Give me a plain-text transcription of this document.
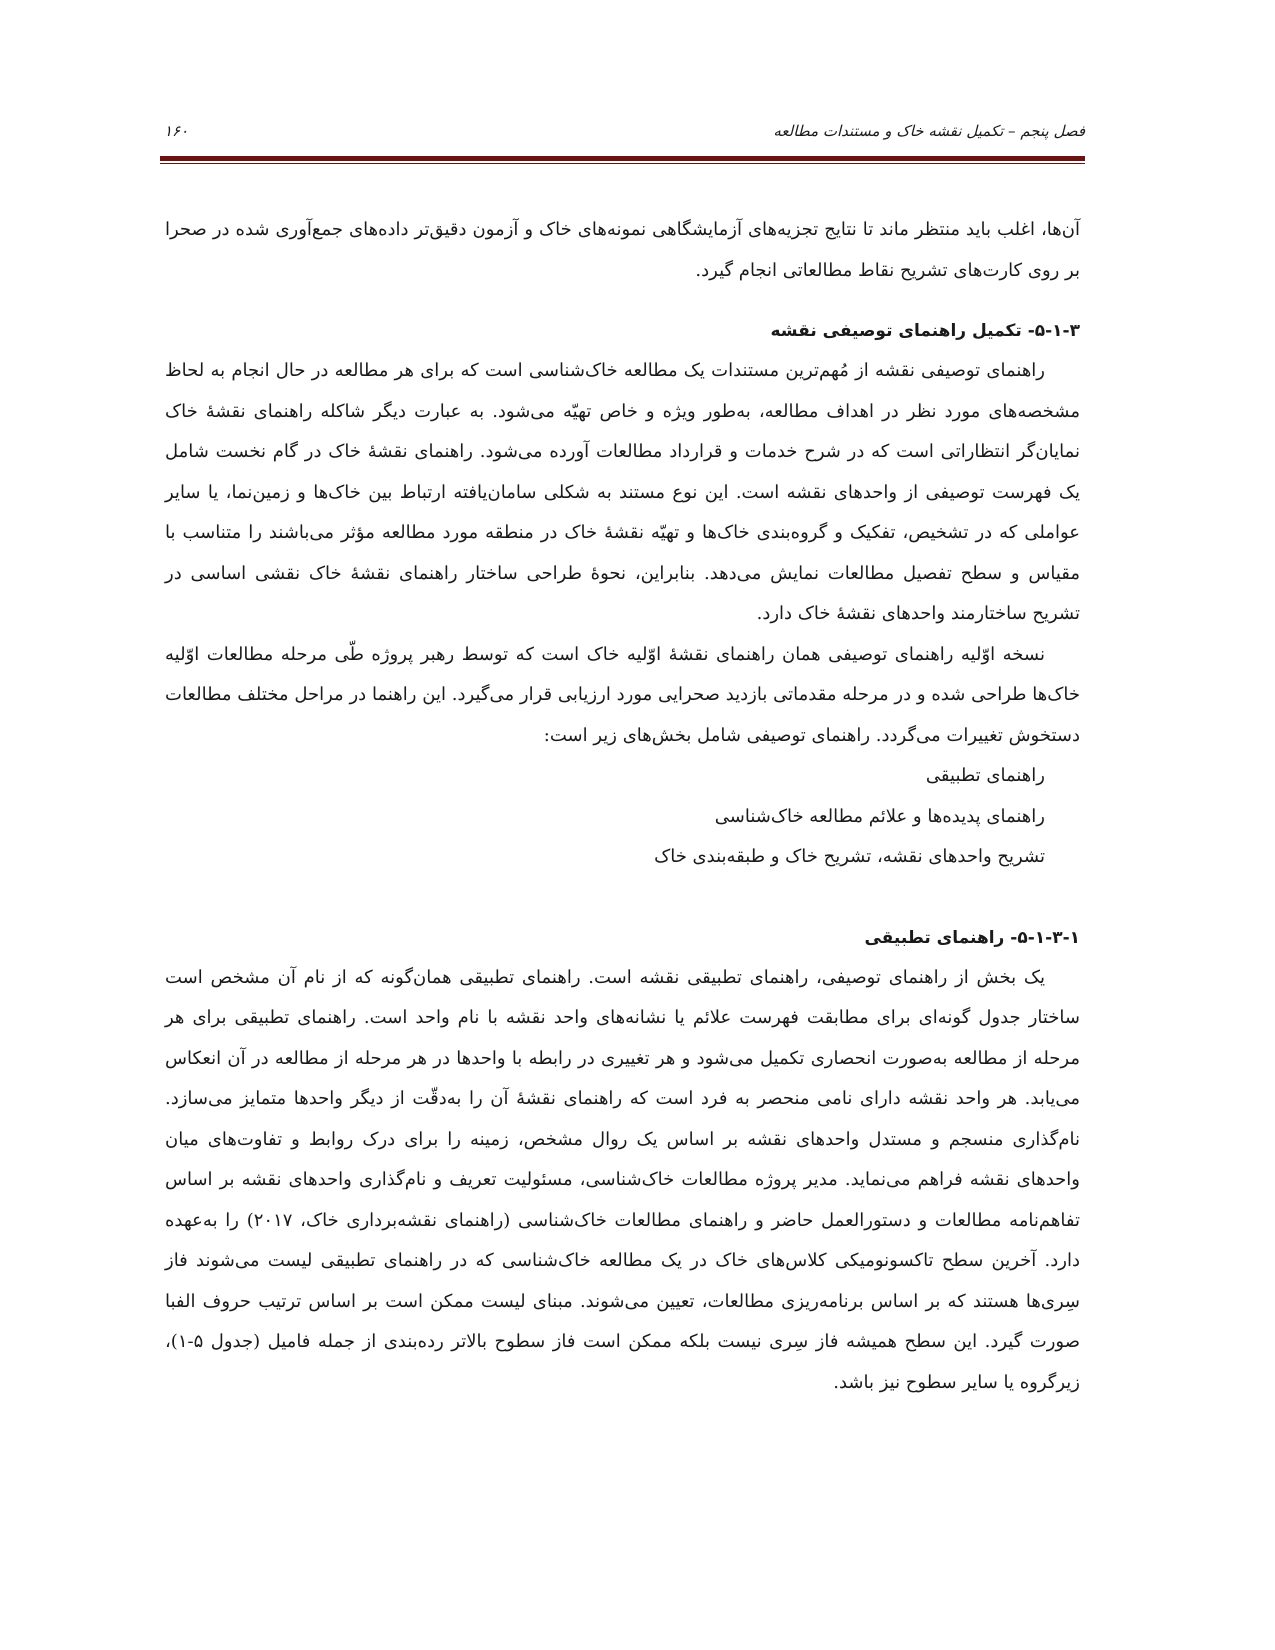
فصل پنجم – تکمیل نقشه خاک و مستندات مطالعه
۱۶۰

آن‌ها، اغلب باید منتظر ماند تا نتایج تجزیه‌های آزمایشگاهی نمونه‌های خاک و آزمون دقیق‌تر داده‌های جمع‌آوری شده در صحرا بر روی کارت‌های تشریح نقاط مطالعاتی انجام گیرد.

۵-۱-۳- تکمیل راهنمای توصیفی نقشه

راهنمای توصیفی نقشه از مُهم‌ترین مستندات یک مطالعه خاک‌شناسی است که برای هر مطالعه در حال انجام به لحاظ مشخصه‌های مورد نظر در اهداف مطالعه، به‌طور ویژه و خاص تهیّه می‌شود. به عبارت دیگر شاکله راهنمای نقشهٔ خاک نمایان‌گر انتظاراتی است که در شرح خدمات و قرارداد مطالعات آورده می‌شود. راهنمای نقشهٔ خاک در گام نخست شامل یک فهرست توصیفی از واحدهای نقشه است. این نوع مستند به شکلی سامان‌یافته ارتباط بین خاک‌ها و زمین‌نما، یا سایر عواملی که در تشخیص، تفکیک و گروه‌بندی خاک‌ها و تهیّه نقشهٔ خاک در منطقه مورد مطالعه مؤثر می‌باشند را متناسب با مقیاس و سطح تفصیل مطالعات نمایش می‌دهد. بنابراین، نحوهٔ طراحی ساختار راهنمای نقشهٔ خاک نقشی اساسی در تشریح ساختارمند واحدهای نقشهٔ خاک دارد.

نسخه اوّلیه راهنمای توصیفی همان راهنمای نقشهٔ اوّلیه خاک است که توسط رهبر پروژه طّی مرحله مطالعات اوّلیه خاک‌ها طراحی شده و در مرحله مقدماتی بازدید صحرایی مورد ارزیابی قرار می‌گیرد. این راهنما در مراحل مختلف مطالعات دستخوش تغییرات می‌گردد. راهنمای توصیفی شامل بخش‌های زیر است:

راهنمای تطبیقی
راهنمای پدیده‌ها و علائم مطالعه خاک‌شناسی
تشریح واحدهای نقشه، تشریح خاک و طبقه‌بندی خاک
۵-۱-۳-۱- راهنمای تطبیقی

یک بخش از راهنمای توصیفی، راهنمای تطبیقی نقشه است. راهنمای تطبیقی همان‌گونه که از نام آن مشخص است ساختار جدول گونه‌ای برای مطابقت فهرست علائم یا نشانه‌های واحد نقشه با نام واحد است. راهنمای تطبیقی برای هر مرحله از مطالعه به‌صورت انحصاری تکمیل می‌شود و هر تغییری در رابطه با واحدها در هر مرحله از مطالعه در آن انعکاس می‌یابد. هر واحد نقشه دارای نامی منحصر به فرد است که راهنمای نقشهٔ آن را به‌دقّت از دیگر واحدها متمایز می‌سازد. نام‌گذاری منسجم و مستدل واحدهای نقشه بر اساس یک روال مشخص، زمینه را برای درک روابط و تفاوت‌های میان واحدهای نقشه فراهم می‌نماید. مدیر پروژه مطالعات خاک‌شناسی، مسئولیت تعریف و نام‌گذاری واحدهای نقشه بر اساس تفاهم‌نامه مطالعات و دستورالعمل حاضر و راهنمای مطالعات خاک‌شناسی (راهنمای نقشه‌برداری خاک، ۲۰۱۷) را به‌عهده دارد. آخرین سطح تاکسونومیکی کلاس‌های خاک در یک مطالعه خاک‌شناسی که در راهنمای تطبیقی لیست می‌شوند فاز سِری‌ها هستند که بر اساس برنامه‌ریزی مطالعات، تعیین می‌شوند. مبنای لیست ممکن است بر اساس ترتیب حروف الفبا صورت گیرد. این سطح همیشه فاز سِری نیست بلکه ممکن است فاز سطوح بالاتر رده‌بندی از جمله فامیل (جدول ۵-۱)، زیرگروه یا سایر سطوح نیز باشد.
